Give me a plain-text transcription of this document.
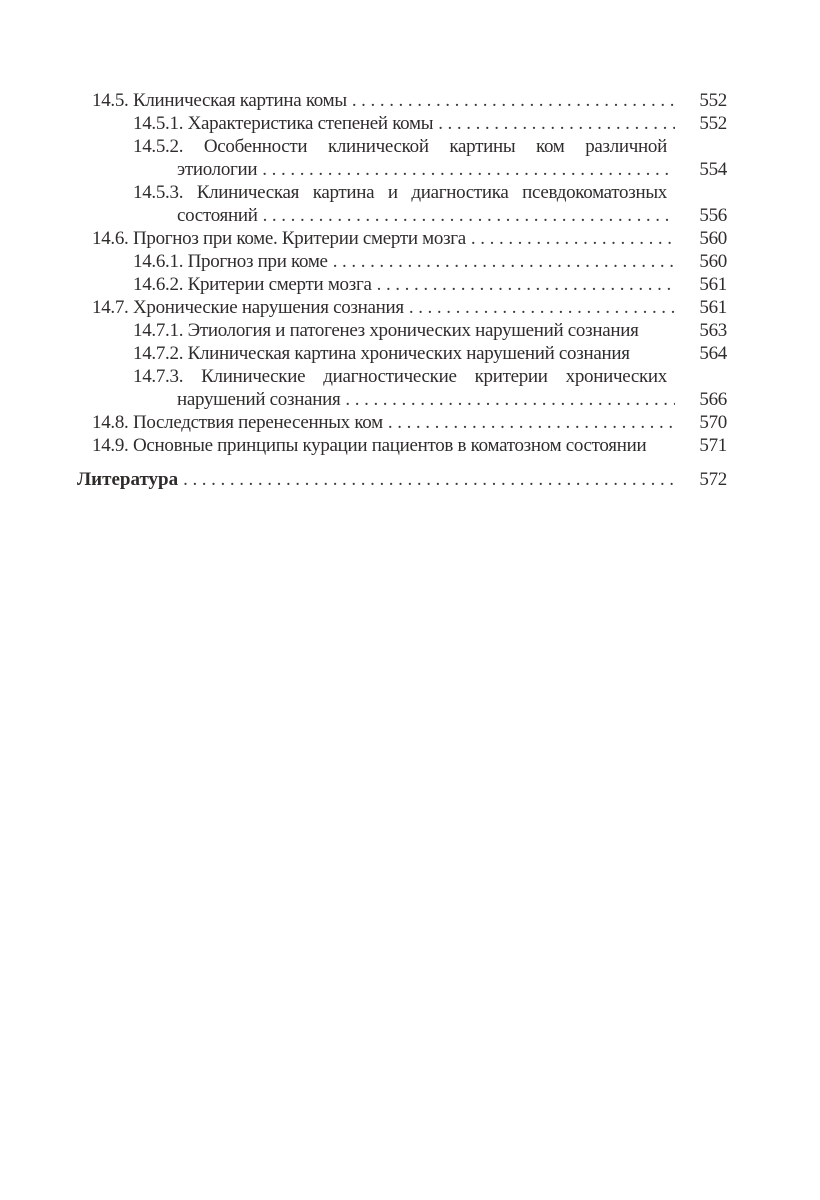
14.5. Клиническая картина комы .....	552
14.5.1. Характеристика степеней комы .....	552
14.5.2. Особенности клинической картины ком различной
этиологии .....	554
14.5.3. Клиническая картина и диагностика псевдокоматозных
состояний .....	556
14.6. Прогноз при коме. Критерии смерти мозга .....	560
14.6.1. Прогноз при коме .....	560
14.6.2. Критерии смерти мозга .....	561
14.7. Хронические нарушения сознания .....	561
14.7.1. Этиология и патогенез хронических нарушений сознания	563
14.7.2. Клиническая картина хронических нарушений сознания	564
14.7.3. Клинические диагностические критерии хронических
нарушений сознания .....	566
14.8. Последствия перенесенных ком .....	570
14.9. Основные принципы курации пациентов в коматозном состоянии	571
Литература .....	572
